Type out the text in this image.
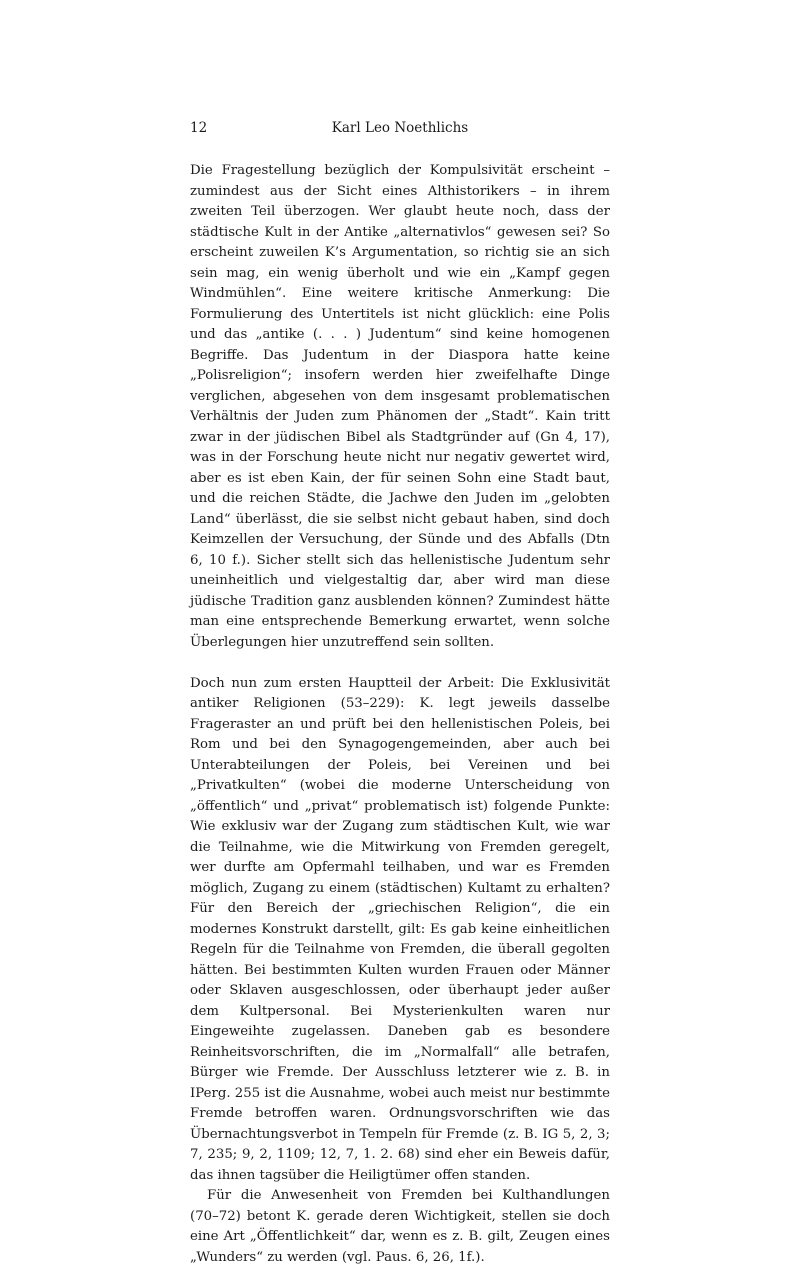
12	Karl Leo Noethlichs

Die Fragestellung bezüglich der Kompulsivität erscheint – zumindest aus der Sicht eines Althistorikers – in ihrem zweiten Teil überzogen. Wer glaubt heute noch, dass der städtische Kult in der Antike „alternativlos“ gewesen sei? So erscheint zuweilen K’s Argumentation, so richtig sie an sich sein mag, ein wenig überholt und wie ein „Kampf gegen Windmühlen“. Eine weitere kritische Anmerkung: Die Formulierung des Untertitels ist nicht glücklich: eine Polis und das „antike (. . . ) Judentum“ sind keine homogenen Begriffe. Das Judentum in der Diaspora hatte keine „Polisreligion“; insofern werden hier zweifelhafte Dinge verglichen, abgesehen von dem insgesamt problematischen Verhältnis der Juden zum Phänomen der „Stadt“. Kain tritt zwar in der jüdischen Bibel als Stadtgründer auf (Gn 4, 17), was in der Forschung heute nicht nur negativ gewertet wird, aber es ist eben Kain, der für seinen Sohn eine Stadt baut, und die reichen Städte, die Jachwe den Juden im „gelobten Land“ überlässt, die sie selbst nicht gebaut haben, sind doch Keimzellen der Versuchung, der Sünde und des Abfalls (Dtn 6, 10 f.). Sicher stellt sich das hellenistische Judentum sehr uneinheitlich und vielgestaltig dar, aber wird man diese jüdische Tradition ganz ausblenden können? Zumindest hätte man eine entsprechende Bemerkung erwartet, wenn solche Überlegungen hier unzutreffend sein sollten.

Doch nun zum ersten Hauptteil der Arbeit: Die Exklusivität antiker Religionen (53–229): K. legt jeweils dasselbe Frageraster an und prüft bei den hellenistischen Poleis, bei Rom und bei den Synagogengemeinden, aber auch bei Unterabteilungen der Poleis, bei Vereinen und bei „Privatkulten“ (wobei die moderne Unterscheidung von „öffentlich“ und „privat“ problematisch ist) folgende Punkte: Wie exklusiv war der Zugang zum städtischen Kult, wie war die Teilnahme, wie die Mitwirkung von Fremden geregelt, wer durfte am Opfermahl teilhaben, und war es Fremden möglich, Zugang zu einem (städtischen) Kultamt zu erhalten? Für den Bereich der „griechischen Religion“, die ein modernes Konstrukt darstellt, gilt: Es gab keine einheitlichen Regeln für die Teilnahme von Fremden, die überall gegolten hätten. Bei bestimmten Kulten wurden Frauen oder Männer oder Sklaven ausgeschlossen, oder überhaupt jeder außer dem Kultpersonal. Bei Mysterienkulten waren nur Eingeweihte zugelassen. Daneben gab es besondere Reinheitsvorschriften, die im „Normalfall“ alle betrafen, Bürger wie Fremde. Der Ausschluss letzterer wie z. B. in IPerg. 255 ist die Ausnahme, wobei auch meist nur bestimmte Fremde betroffen waren. Ordnungsvorschriften wie das Übernachtungsverbot in Tempeln für Fremde (z. B. IG 5, 2, 3; 7, 235; 9, 2, 1109; 12, 7, 1. 2. 68) sind eher ein Beweis dafür, das ihnen tagsüber die Heiligtümer offen standen.

Für die Anwesenheit von Fremden bei Kulthandlungen (70–72) betont K. gerade deren Wichtigkeit, stellen sie doch eine Art „Öffentlichkeit“ dar, wenn es z. B. gilt, Zeugen eines „Wunders“ zu werden (vgl. Paus. 6, 26, 1f.).
